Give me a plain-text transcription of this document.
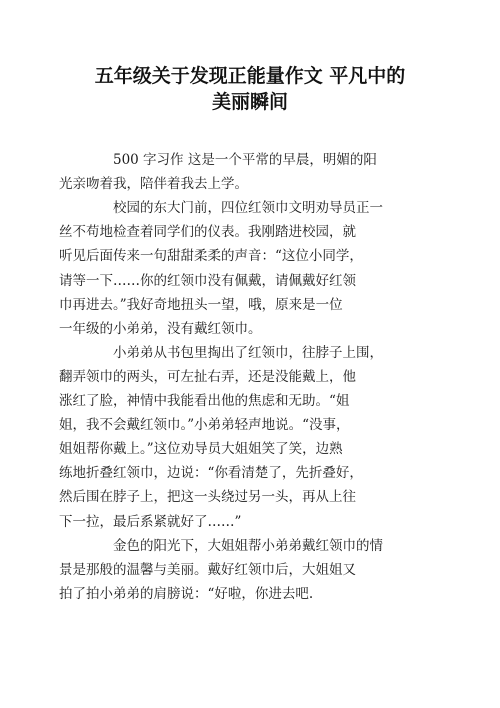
五年级关于发现正能量作文 平凡中的
美丽瞬间
500 字习作 这是一个平常的早晨，明媚的阳
光亲吻着我，陪伴着我去上学。
校园的东大门前，四位红领巾文明劝导员正一
丝不苟地检查着同学们的仪表。我刚踏进校园，就
听见后面传来一句甜甜柔柔的声音：“这位小同学，
请等一下……你的红领巾没有佩戴，请佩戴好红领
巾再进去。”我好奇地扭头一望，哦，原来是一位
一年级的小弟弟，没有戴红领巾。
小弟弟从书包里掏出了红领巾，往脖子上围，
翻弄领巾的两头，可左扯右弄，还是没能戴上，他
涨红了脸，神情中我能看出他的焦虑和无助。“姐
姐，我不会戴红领巾。”小弟弟轻声地说。“没事，
姐姐帮你戴上。”这位劝导员大姐姐笑了笑，边熟
练地折叠红领巾，边说：“你看清楚了，先折叠好，
然后围在脖子上，把这一头绕过另一头，再从上往
下一拉，最后系紧就好了……”
金色的阳光下，大姐姐帮小弟弟戴红领巾的情
景是那般的温馨与美丽。戴好红领巾后，大姐姐又
拍了拍小弟弟的肩膀说：“好啦，你进去吧.
